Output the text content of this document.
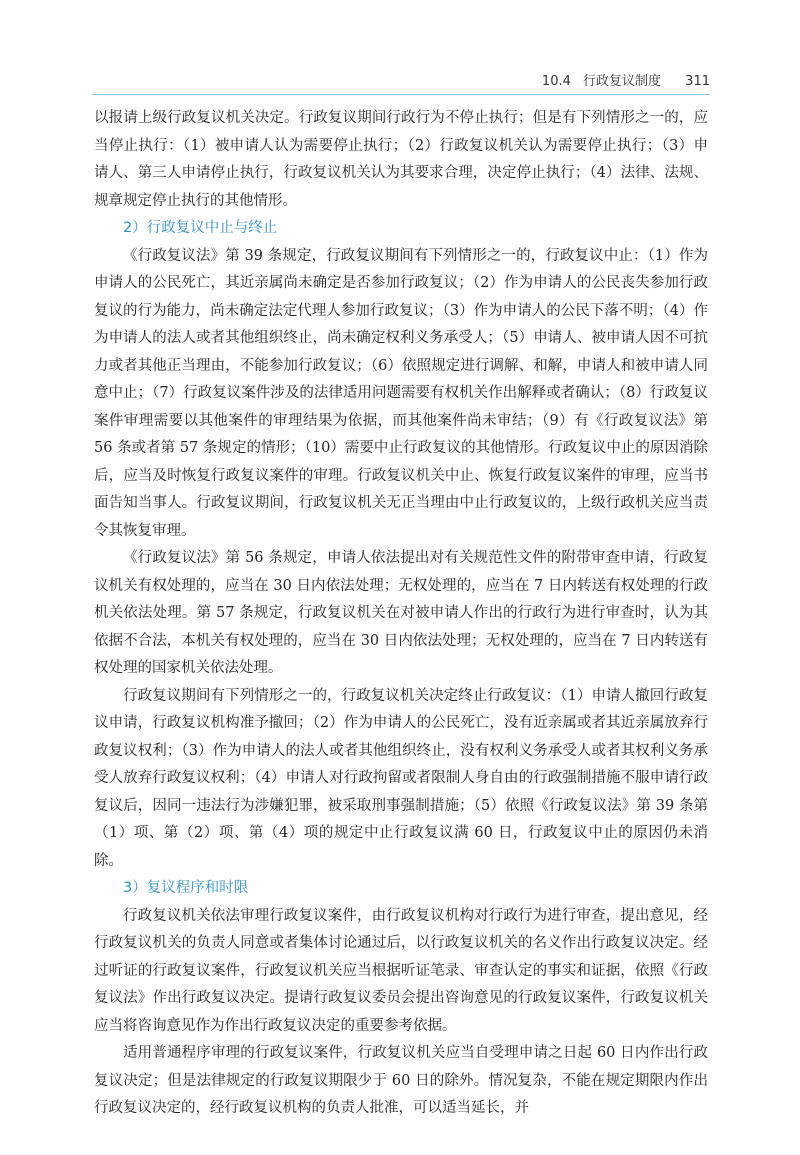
10.4 行政复议制度 311

以报请上级行政复议机关决定。行政复议期间行政行为不停止执行；但是有下列情形之一的，应当停止执行：（1）被申请人认为需要停止执行；（2）行政复议机关认为需要停止执行；（3）申请人、第三人申请停止执行，行政复议机关认为其要求合理，决定停止执行；（4）法律、法规、规章规定停止执行的其他情形。

2）行政复议中止与终止

《行政复议法》第 39 条规定，行政复议期间有下列情形之一的，行政复议中止：（1）作为申请人的公民死亡，其近亲属尚未确定是否参加行政复议；（2）作为申请人的公民丧失参加行政复议的行为能力，尚未确定法定代理人参加行政复议；（3）作为申请人的公民下落不明；（4）作为申请人的法人或者其他组织终止，尚未确定权利义务承受人；（5）申请人、被申请人因不可抗力或者其他正当理由，不能参加行政复议；（6）依照规定进行调解、和解，申请人和被申请人同意中止；（7）行政复议案件涉及的法律适用问题需要有权机关作出解释或者确认；（8）行政复议案件审理需要以其他案件的审理结果为依据，而其他案件尚未审结；（9）有《行政复议法》第 56 条或者第 57 条规定的情形；（10）需要中止行政复议的其他情形。行政复议中止的原因消除后，应当及时恢复行政复议案件的审理。行政复议机关中止、恢复行政复议案件的审理，应当书面告知当事人。行政复议期间，行政复议机关无正当理由中止行政复议的，上级行政机关应当责令其恢复审理。

《行政复议法》第 56 条规定，申请人依法提出对有关规范性文件的附带审查申请，行政复议机关有权处理的，应当在 30 日内依法处理；无权处理的，应当在 7 日内转送有权处理的行政机关依法处理。第 57 条规定，行政复议机关在对被申请人作出的行政行为进行审查时，认为其依据不合法，本机关有权处理的，应当在 30 日内依法处理；无权处理的，应当在 7 日内转送有权处理的国家机关依法处理。

行政复议期间有下列情形之一的，行政复议机关决定终止行政复议：（1）申请人撤回行政复议申请，行政复议机构准予撤回；（2）作为申请人的公民死亡，没有近亲属或者其近亲属放弃行政复议权利；（3）作为申请人的法人或者其他组织终止，没有权利义务承受人或者其权利义务承受人放弃行政复议权利；（4）申请人对行政拘留或者限制人身自由的行政强制措施不服申请行政复议后，因同一违法行为涉嫌犯罪，被采取刑事强制措施；（5）依照《行政复议法》第 39 条第（1）项、第（2）项、第（4）项的规定中止行政复议满 60 日，行政复议中止的原因仍未消除。

3）复议程序和时限

行政复议机关依法审理行政复议案件，由行政复议机构对行政行为进行审查，提出意见，经行政复议机关的负责人同意或者集体讨论通过后，以行政复议机关的名义作出行政复议决定。经过听证的行政复议案件，行政复议机关应当根据听证笔录、审查认定的事实和证据，依照《行政复议法》作出行政复议决定。提请行政复议委员会提出咨询意见的行政复议案件，行政复议机关应当将咨询意见作为作出行政复议决定的重要参考依据。

适用普通程序审理的行政复议案件，行政复议机关应当自受理申请之日起 60 日内作出行政复议决定；但是法律规定的行政复议期限少于 60 日的除外。情况复杂，不能在规定期限内作出行政复议决定的，经行政复议机构的负责人批准，可以适当延长，并
